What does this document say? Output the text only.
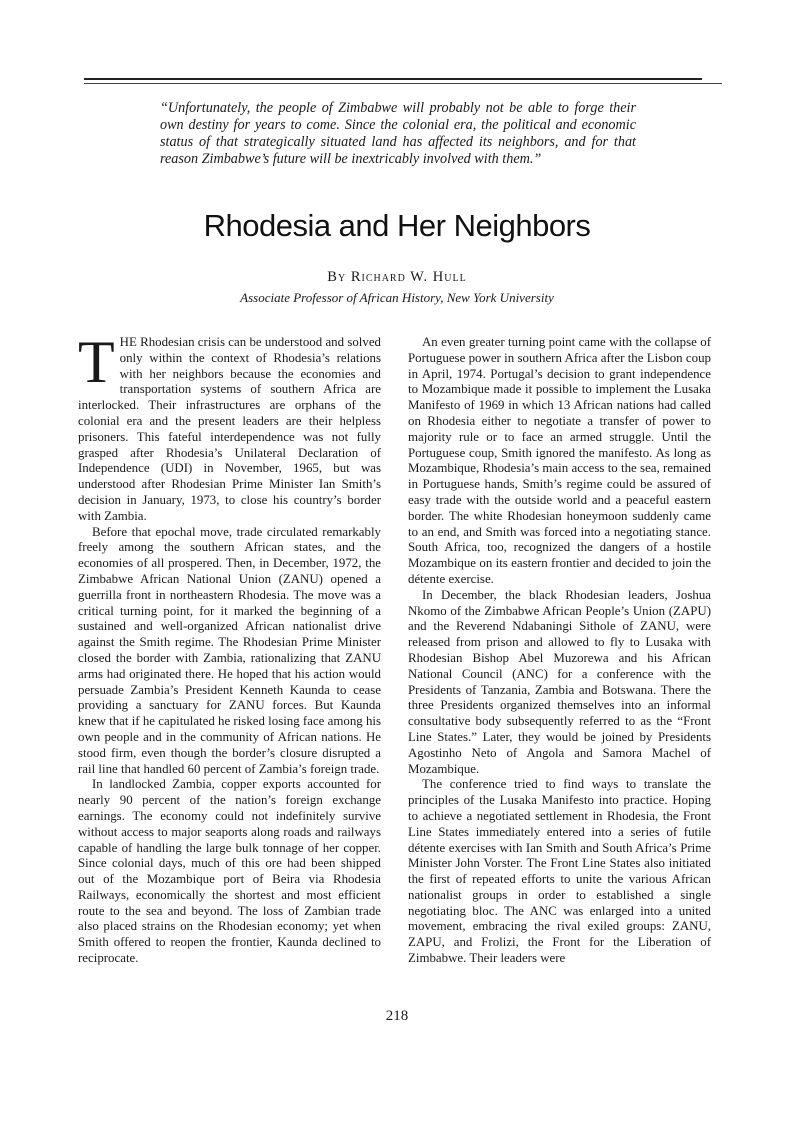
“Unfortunately, the people of Zimbabwe will probably not be able to forge their own destiny for years to come. Since the colonial era, the political and economic status of that strategically situated land has affected its neighbors, and for that reason Zimbabwe’s future will be inextricably involved with them.”

Rhodesia and Her Neighbors

By Richard W. Hull

Associate Professor of African History, New York University

THE Rhodesian crisis can be understood and solved only within the context of Rhodesia’s relations with her neighbors because the economies and transportation systems of southern Africa are interlocked. Their infrastructures are orphans of the colonial era and the present leaders are their helpless prisoners. This fateful interdependence was not fully grasped after Rhodesia’s Unilateral Declaration of Independence (UDI) in November, 1965, but was understood after Rhodesian Prime Minister Ian Smith’s decision in January, 1973, to close his country’s border with Zambia.

Before that epochal move, trade circulated remarkably freely among the southern African states, and the economies of all prospered. Then, in December, 1972, the Zimbabwe African National Union (ZANU) opened a guerrilla front in northeastern Rhodesia. The move was a critical turning point, for it marked the beginning of a sustained and well-organized African nationalist drive against the Smith regime. The Rhodesian Prime Minister closed the border with Zambia, rationalizing that ZANU arms had originated there. He hoped that his action would persuade Zambia’s President Kenneth Kaunda to cease providing a sanctuary for ZANU forces. But Kaunda knew that if he capitulated he risked losing face among his own people and in the community of African nations. He stood firm, even though the border’s closure disrupted a rail line that handled 60 percent of Zambia’s foreign trade.

In landlocked Zambia, copper exports accounted for nearly 90 percent of the nation’s foreign exchange earnings. The economy could not indefinitely survive without access to major seaports along roads and railways capable of handling the large bulk tonnage of her copper. Since colonial days, much of this ore had been shipped out of the Mozambique port of Beira via Rhodesia Railways, economically the shortest and most efficient route to the sea and beyond. The loss of Zambian trade also placed strains on the Rhodesian economy; yet when Smith offered to reopen the frontier, Kaunda declined to reciprocate.

An even greater turning point came with the collapse of Portuguese power in southern Africa after the Lisbon coup in April, 1974. Portugal’s decision to grant independence to Mozambique made it possible to implement the Lusaka Manifesto of 1969 in which 13 African nations had called on Rhodesia either to negotiate a transfer of power to majority rule or to face an armed struggle. Until the Portuguese coup, Smith ignored the manifesto. As long as Mozambique, Rhodesia’s main access to the sea, remained in Portuguese hands, Smith’s regime could be assured of easy trade with the outside world and a peaceful eastern border. The white Rhodesian honeymoon suddenly came to an end, and Smith was forced into a negotiating stance. South Africa, too, recognized the dangers of a hostile Mozambique on its eastern frontier and decided to join the détente exercise.

In December, the black Rhodesian leaders, Joshua Nkomo of the Zimbabwe African People’s Union (ZAPU) and the Reverend Ndabaningi Sithole of ZANU, were released from prison and allowed to fly to Lusaka with Rhodesian Bishop Abel Muzorewa and his African National Council (ANC) for a conference with the Presidents of Tanzania, Zambia and Botswana. There the three Presidents organized themselves into an informal consultative body subsequently referred to as the “Front Line States.” Later, they would be joined by Presidents Agostinho Neto of Angola and Samora Machel of Mozambique.

The conference tried to find ways to translate the principles of the Lusaka Manifesto into practice. Hoping to achieve a negotiated settlement in Rhodesia, the Front Line States immediately entered into a series of futile détente exercises with Ian Smith and South Africa’s Prime Minister John Vorster. The Front Line States also initiated the first of repeated efforts to unite the various African nationalist groups in order to established a single negotiating bloc. The ANC was enlarged into a united movement, embracing the rival exiled groups: ZANU, ZAPU, and Frolizi, the Front for the Liberation of Zimbabwe. Their leaders were

218
